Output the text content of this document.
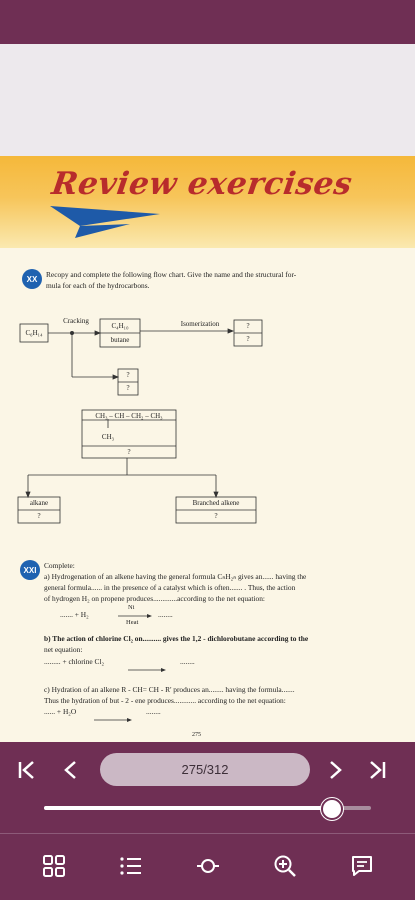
Review exercises
XX	Recopy and complete the following flow chart. Give the name and the structural for-
mula for each of the hydrocarbons.
C₆H₁₄
Cracking
C₄H₁₀
butane
Isomerization	?
?
?
?
CH₃ – CH – CH₂ – CH₃
CH₃
?
alkane
?
Branched alkene
?
XXI	Complete:
a) Hydrogenation of an alkene having the general formula CₙH₂ₙ gives an...... having the
general formula...... in the presence of a catalyst which is often....... . Thus, the action
of hydrogen H₂ on propene produces.............according to the net equation:
....... + H₂
Ni
Heat
........
b) The action of chlorine Cl₂ on.......... gives the 1,2 - dichlorobutane according to the
net equation:
......... + chlorine Cl₂	........
c) Hydration of an alkene R - CH= CH - R' produces an........ having the formula.......
Thus the hydration of but - 2 - ene produces............ according to the net equation:
...... + H₂O	........
275
275/312
